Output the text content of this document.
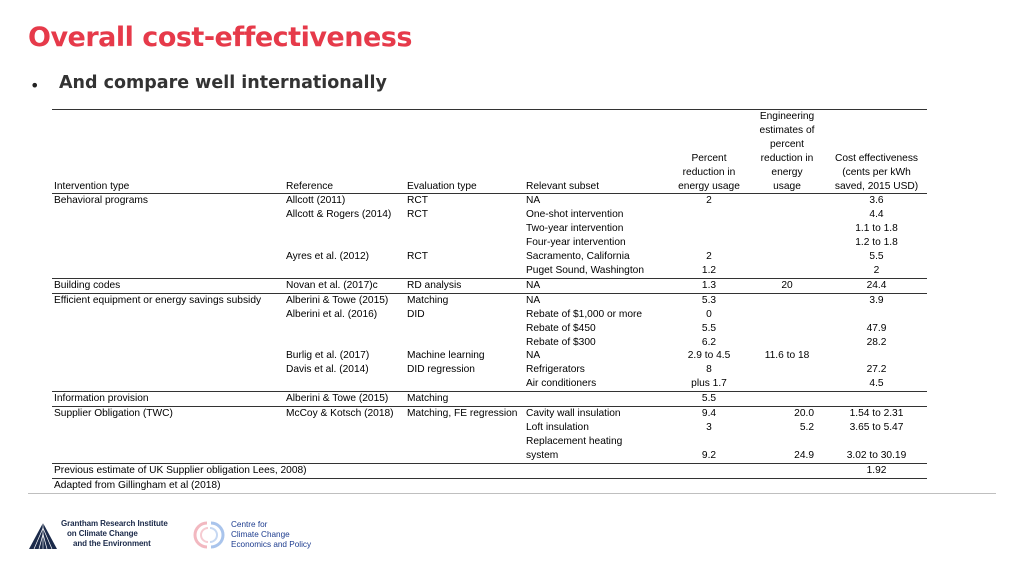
Overall cost-effectiveness
• And compare well internationally
Intervention type	Reference	Evaluation type	Relevant subset	Percent reduction in energy usage	Engineering estimates of percent reduction in energy usage	Cost effectiveness (cents per kWh saved, 2015 USD)
Behavioral programs	Allcott (2011)	RCT	NA	2		3.6
	Allcott & Rogers (2014)	RCT	One-shot intervention			4.4
			Two-year intervention			1.1 to 1.8
			Four-year intervention			1.2 to 1.8
	Ayres et al. (2012)	RCT	Sacramento, California	2		5.5
			Puget Sound, Washington	1.2		2
Building codes	Novan et al. (2017)c	RD analysis	NA	1.3	20	24.4
Efficient equipment or energy savings subsidy	Alberini & Towe (2015)	Matching	NA	5.3		3.9
	Alberini et al. (2016)	DID	Rebate of $1,000 or more	0		
			Rebate of $450	5.5		47.9
			Rebate of $300	6.2		28.2
	Burlig et al. (2017)	Machine learning	NA	2.9 to 4.5	11.6 to 18	
	Davis et al. (2014)	DID regression	Refrigerators	8		27.2
			Air conditioners	plus 1.7		4.5
Information provision	Alberini & Towe (2015)	Matching		5.5		
Supplier Obligation (TWC)	McCoy & Kotsch (2018)	Matching, FE regression	Cavity wall insulation	9.4	20.0	1.54 to 2.31
			Loft insulation	3	5.2	3.65 to 5.47
			Replacement heating			
			system	9.2	24.9	3.02 to 30.19
Previous estimate of UK Supplier obligation Lees, 2008)						1.92
Adapted from Gillingham et al (2018)						
Grantham Research Institute
on Climate Change
and the Environment
Centre for
Climate Change
Economics and Policy
